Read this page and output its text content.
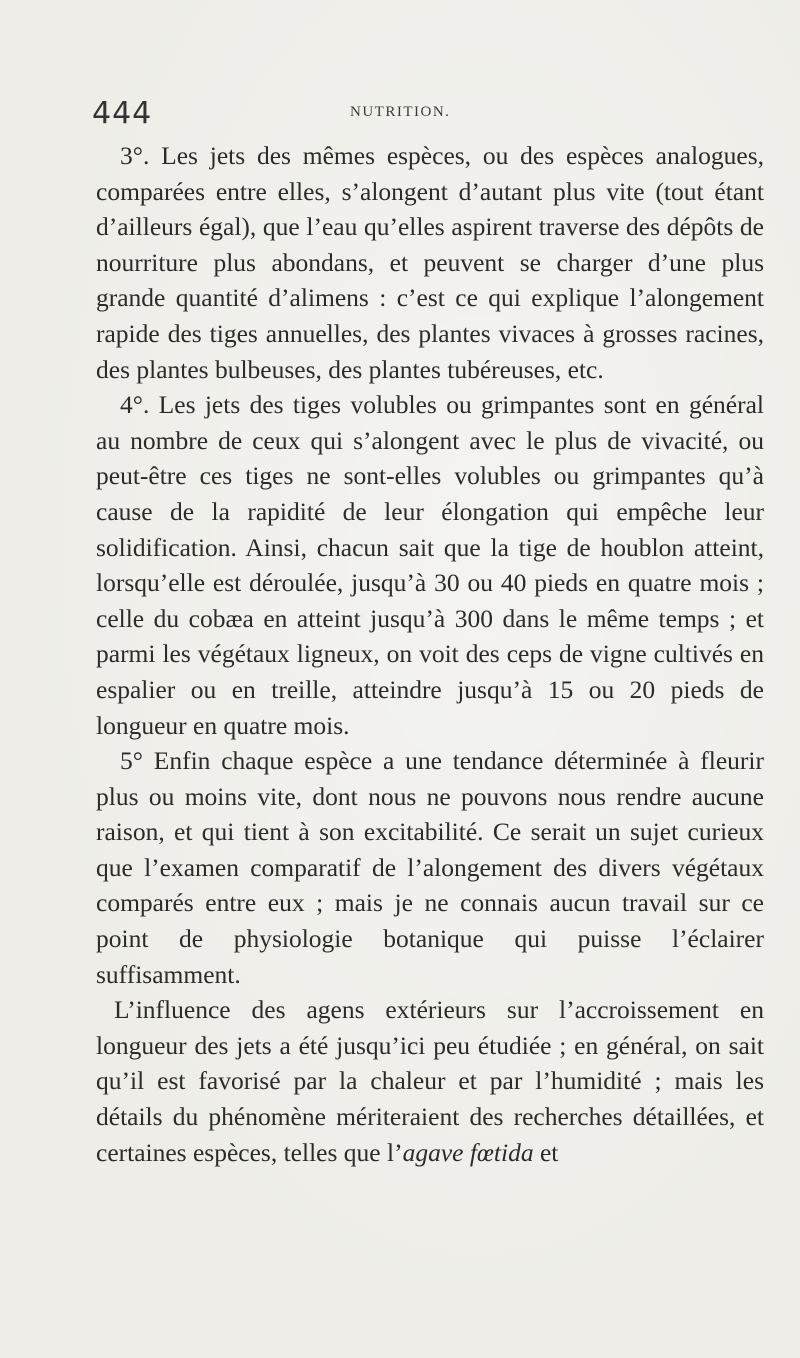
444	NUTRITION.

3°. Les jets des mêmes espèces, ou des espèces analogues, comparées entre elles, s’alongent d’autant plus vite (tout étant d’ailleurs égal), que l’eau qu’elles aspirent traverse des dépôts de nourriture plus abondans, et peuvent se charger d’une plus grande quantité d’alimens : c’est ce qui explique l’alongement rapide des tiges annuelles, des plantes vivaces à grosses racines, des plantes bulbeuses, des plantes tubéreuses, etc.

4°. Les jets des tiges volubles ou grimpantes sont en général au nombre de ceux qui s’alongent avec le plus de vivacité, ou peut-être ces tiges ne sont-elles volubles ou grimpantes qu’à cause de la rapidité de leur élongation qui empêche leur solidification. Ainsi, chacun sait que la tige de houblon atteint, lorsqu’elle est déroulée, jusqu’à 30 ou 40 pieds en quatre mois ; celle du cobæa en atteint jusqu’à 300 dans le même temps ; et parmi les végétaux ligneux, on voit des ceps de vigne cultivés en espalier ou en treille, atteindre jusqu’à 15 ou 20 pieds de longueur en quatre mois.

5° Enfin chaque espèce a une tendance déterminée à fleurir plus ou moins vite, dont nous ne pouvons nous rendre aucune raison, et qui tient à son excitabilité. Ce serait un sujet curieux que l’examen comparatif de l’alongement des divers végétaux comparés entre eux ; mais je ne connais aucun travail sur ce point de physiologie botanique qui puisse l’éclairer suffisamment.

L’influence des agens extérieurs sur l’accroissement en longueur des jets a été jusqu’ici peu étudiée ; en général, on sait qu’il est favorisé par la chaleur et par l’humidité ; mais les détails du phénomène mériteraient des recherches détaillées, et certaines espèces, telles que l’agave fœtida et
